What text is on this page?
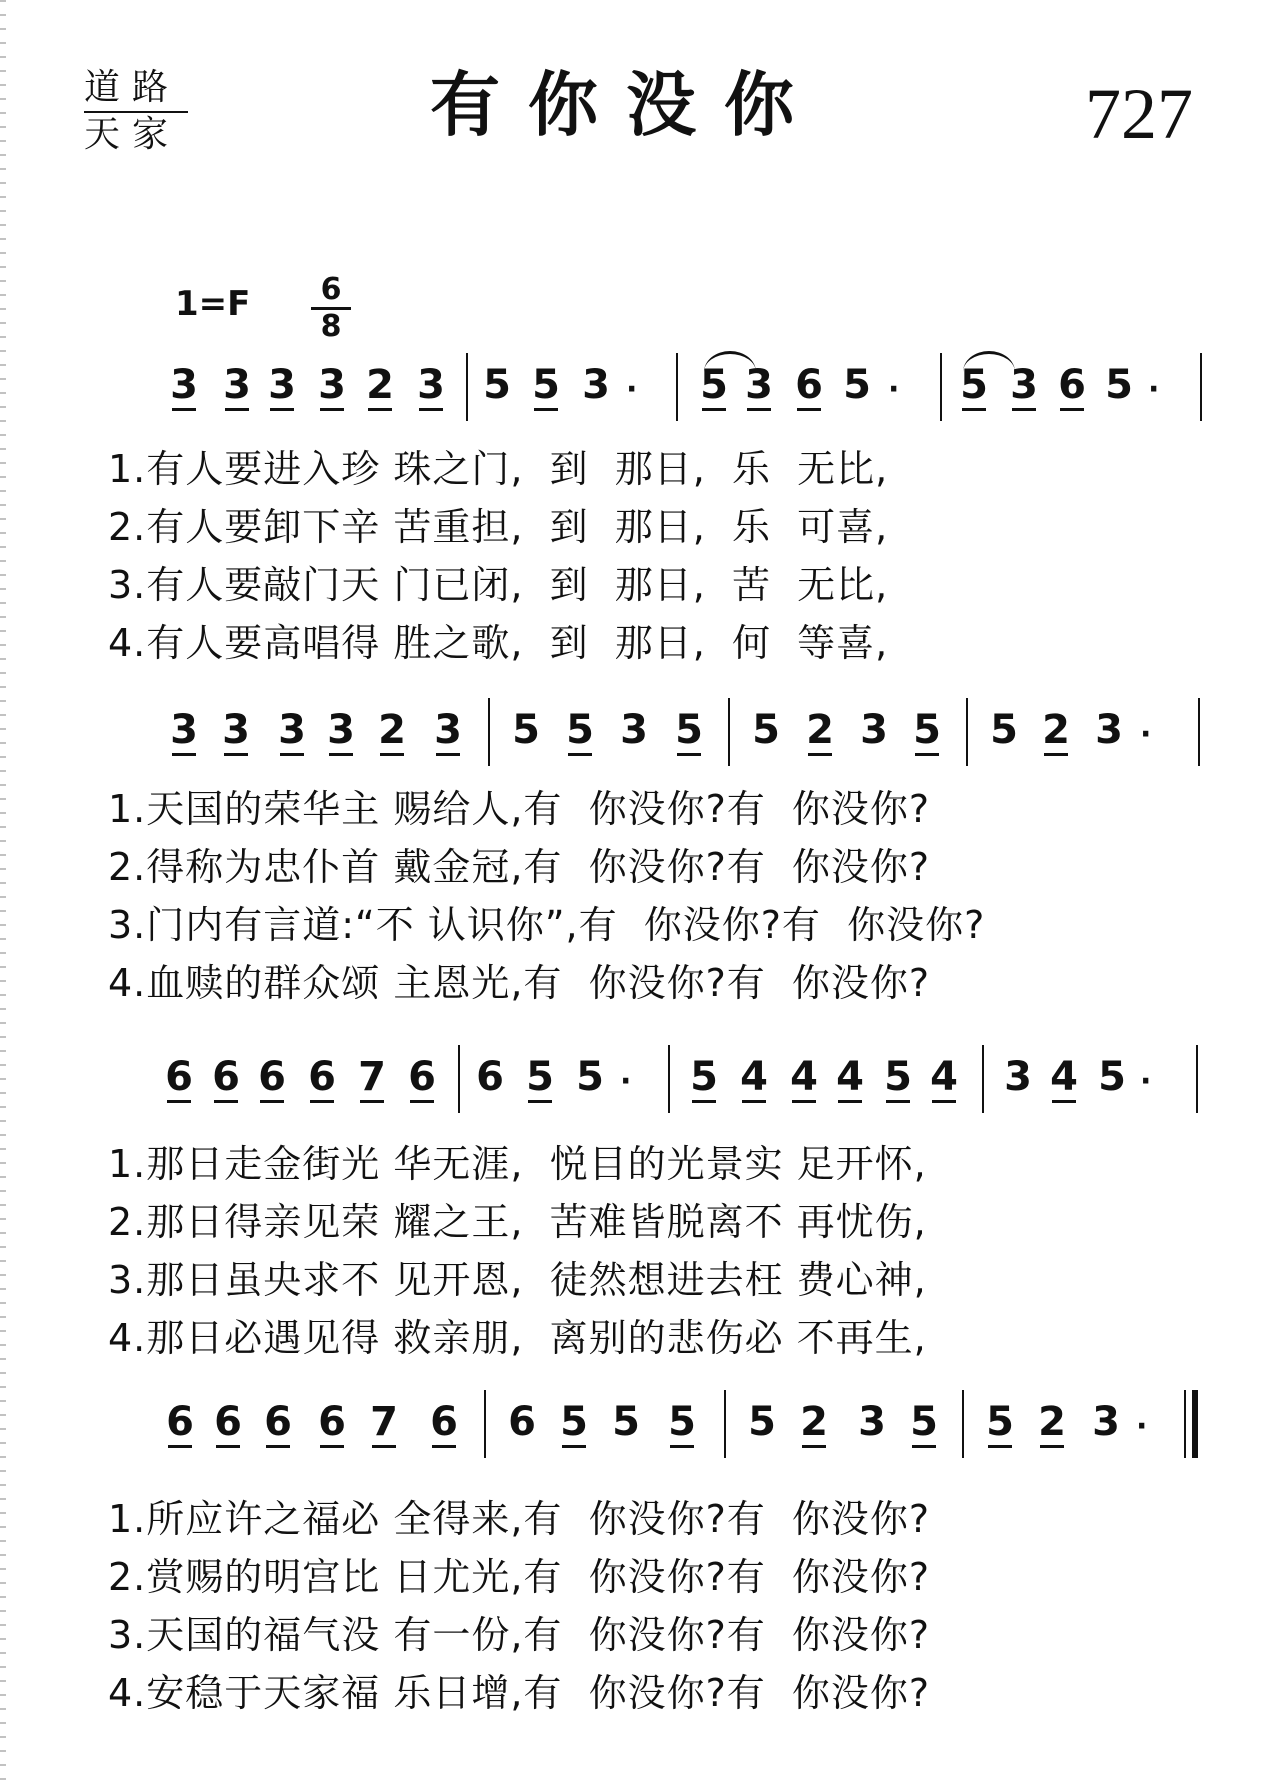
道路
天家	有你没你	727
$1=F \frac{6}{8}$
3 3 3 3 2 3 5 5 3 · 5 3 6 5 · 5 3 6 5 ·
1.有人要进入珍 珠之门,  到  那日,  乐  无比,
2.有人要卸下辛 苦重担,  到  那日,  乐  可喜,
3.有人要敲门天 门已闭,  到  那日,  苦  无比,
4.有人要高唱得 胜之歌,  到  那日,  何  等喜,
3 3 3 3 2 3 5 5 3 5 5 2 3 5 5 2 3 ·
1.天国的荣华主 赐给人,有  你没你?有  你没你?
2.得称为忠仆首 戴金冠,有  你没你?有  你没你?
3.门内有言道:“不 认识你”,有  你没你?有  你没你?
4.血赎的群众颂 主恩光,有  你没你?有  你没你?
6 6 6 6 7 6 6 5 5 · 5 4 4 4 5 4 3 4 5 ·
1.那日走金街光 华无涯,  悦目的光景实 足开怀,
2.那日得亲见荣 耀之王,  苦难皆脱离不 再忧伤,
3.那日虽央求不 见开恩,  徒然想进去枉 费心神,
4.那日必遇见得 救亲朋,  离别的悲伤必 不再生,
6 6 6 6 7 6 6 5 5 5 5 2 3 5 5 2 3 ·
1.所应许之福必 全得来,有  你没你?有  你没你?
2.赏赐的明宫比 日尤光,有  你没你?有  你没你?
3.天国的福气没 有一份,有  你没你?有  你没你?
4.安稳于天家福 乐日增,有  你没你?有  你没你?
